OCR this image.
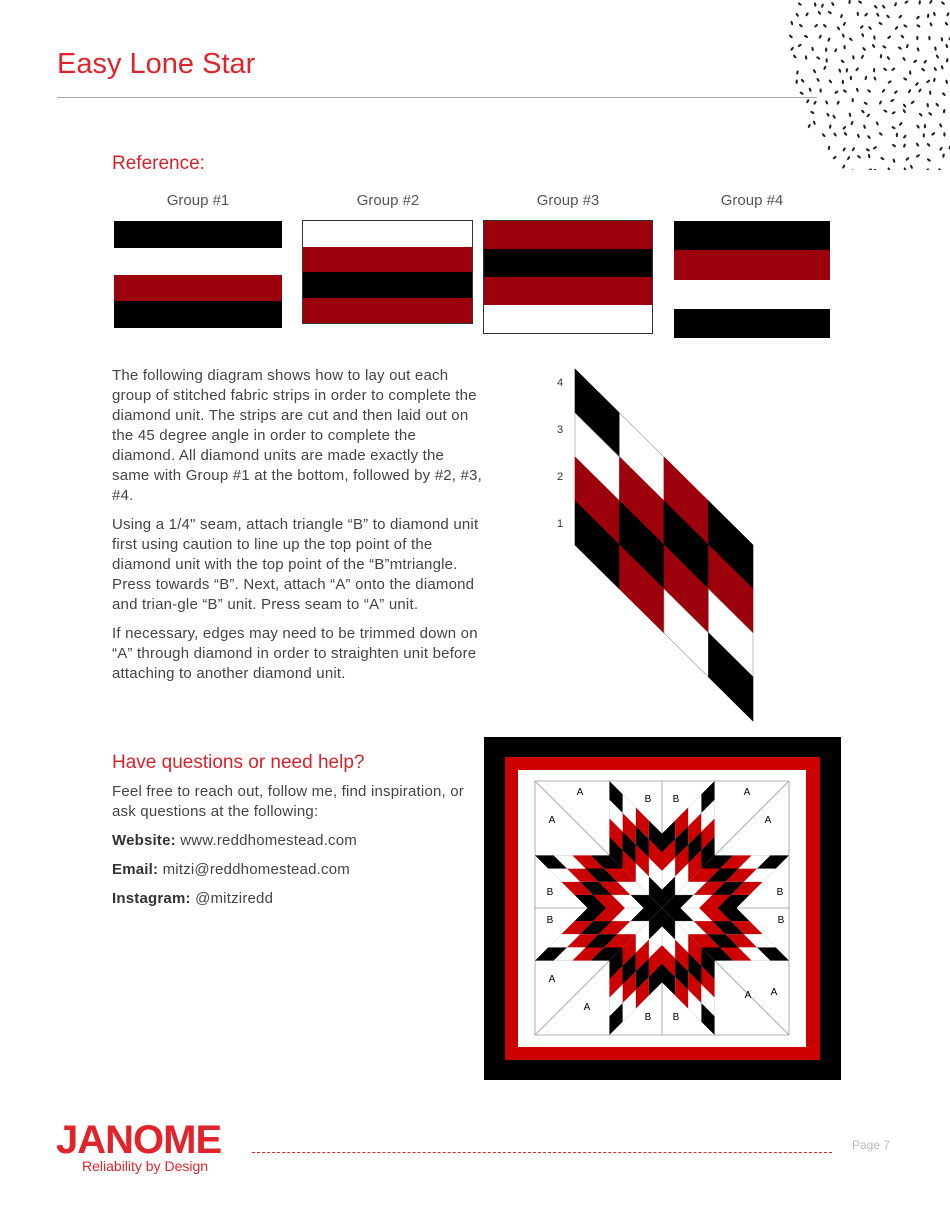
Easy Lone Star
Reference:
Group #1	Group #2	Group #3	Group #4

The following diagram shows how to lay out each group of stitched fabric strips in order to complete the diamond unit. The strips are cut and then laid out on the 45 degree angle in order to complete the diamond. All diamond units are made exactly the same with Group #1 at the bottom, followed by #2, #3, #4.

Using a 1/4" seam, attach triangle “B” to diamond unit first using caution to line up the top point of the diamond unit with the top point of the “B”mtriangle. Press towards “B”. Next, attach “A” onto the diamond and trian-gle “B” unit. Press seam to “A” unit.

If necessary, edges may need to be trimmed down on “A” through diamond in order to straighten unit before attaching to another diamond unit.

4
3
2
1
Have questions or need help?

Feel free to reach out, follow me, find inspiration, or ask questions at the following:

Website: www.reddhomestead.com

Email: mitzi@reddhomestead.com

Instagram: @mitziredd

A
A
A
A
A
A
A A
B B
B B
B
B
B
B
JANOME
Reliability by Design
Page 7
